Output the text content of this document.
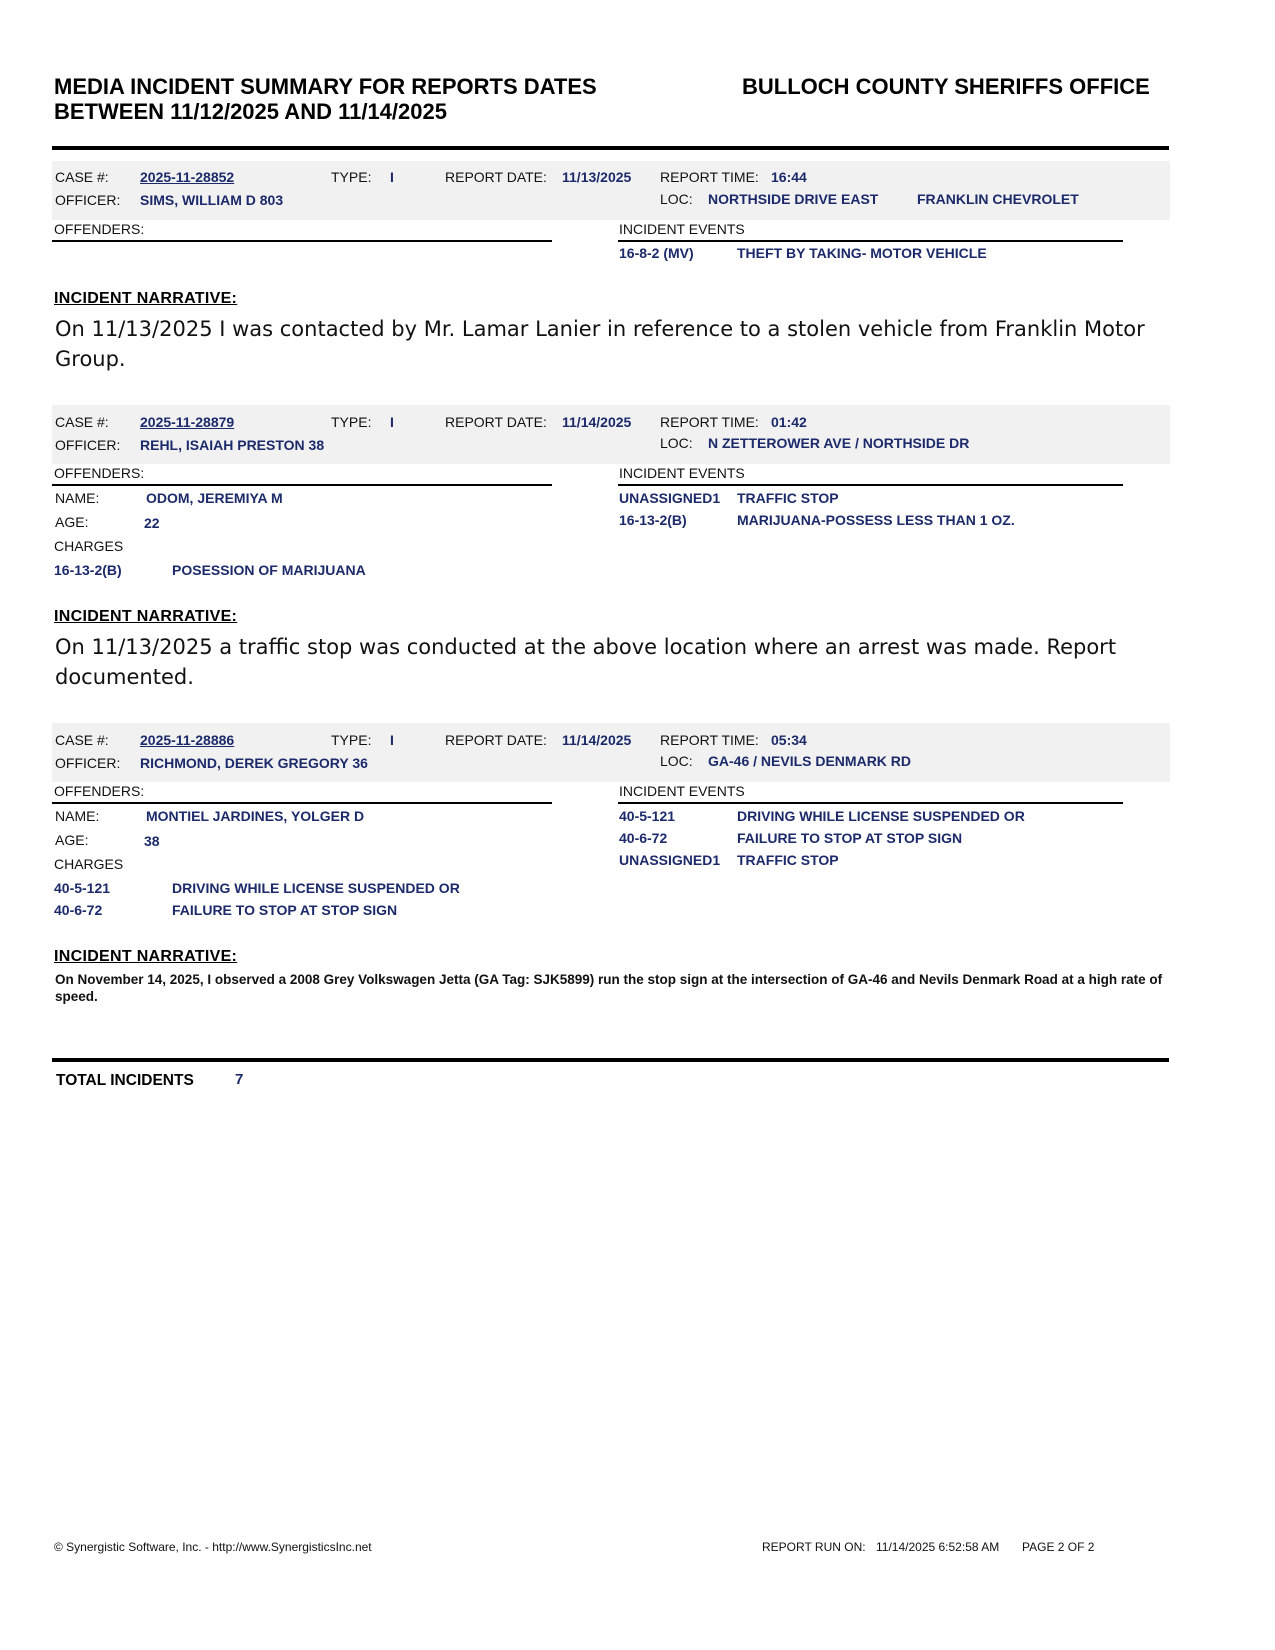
MEDIA INCIDENT SUMMARY FOR REPORTS DATES
BETWEEN 11/12/2025 AND 11/14/2025
BULLOCH COUNTY SHERIFFS OFFICE
CASE #: 2025-11-28852	TYPE: I	REPORT DATE: 11/13/2025 REPORT TIME: 16:44
OFFICER: SIMS, WILLIAM D 803	LOC: NORTHSIDE DRIVE EAST	FRANKLIN CHEVROLET
OFFENDERS:	INCIDENT EVENTS
16-8-2 (MV)	THEFT BY TAKING- MOTOR VEHICLE
INCIDENT NARRATIVE:
On 11/13/2025 I was contacted by Mr. Lamar Lanier in reference to a stolen vehicle from Franklin Motor Group.
CASE #: 2025-11-28879	TYPE: I	REPORT DATE: 11/14/2025 REPORT TIME: 01:42
OFFICER: REHL, ISAIAH PRESTON 38	LOC: N ZETTEROWER AVE / NORTHSIDE DR
OFFENDERS:
NAME:	ODOM, JEREMIYA M
AGE:	22
CHARGES
16-13-2(B)	POSESSION OF MARIJUANA
INCIDENT EVENTS
UNASSIGNED1 TRAFFIC STOP
16-13-2(B)	MARIJUANA-POSSESS LESS THAN 1 OZ.
INCIDENT NARRATIVE:
On 11/13/2025 a traffic stop was conducted at the above location where an arrest was made. Report documented.
CASE #: 2025-11-28886	TYPE: I	REPORT DATE: 11/14/2025 REPORT TIME: 05:34
OFFICER: RICHMOND, DEREK GREGORY 36	LOC: GA-46 / NEVILS DENMARK RD
OFFENDERS:
NAME:	MONTIEL JARDINES, YOLGER D
AGE:	38
CHARGES
40-5-121	DRIVING WHILE LICENSE SUSPENDED OR
40-6-72	FAILURE TO STOP AT STOP SIGN
INCIDENT EVENTS
40-5-121	DRIVING WHILE LICENSE SUSPENDED OR
40-6-72	FAILURE TO STOP AT STOP SIGN
UNASSIGNED1 TRAFFIC STOP
INCIDENT NARRATIVE:
On November 14, 2025, I observed a 2008 Grey Volkswagen Jetta (GA Tag: SJK5899) run the stop sign at the intersection of GA-46 and Nevils Denmark Road at a high rate of speed.
TOTAL INCIDENTS	7
© Synergistic Software, Inc. - http://www.SynergisticsInc.net	REPORT RUN ON: 11/14/2025 6:52:58 AM PAGE 2 OF 2
